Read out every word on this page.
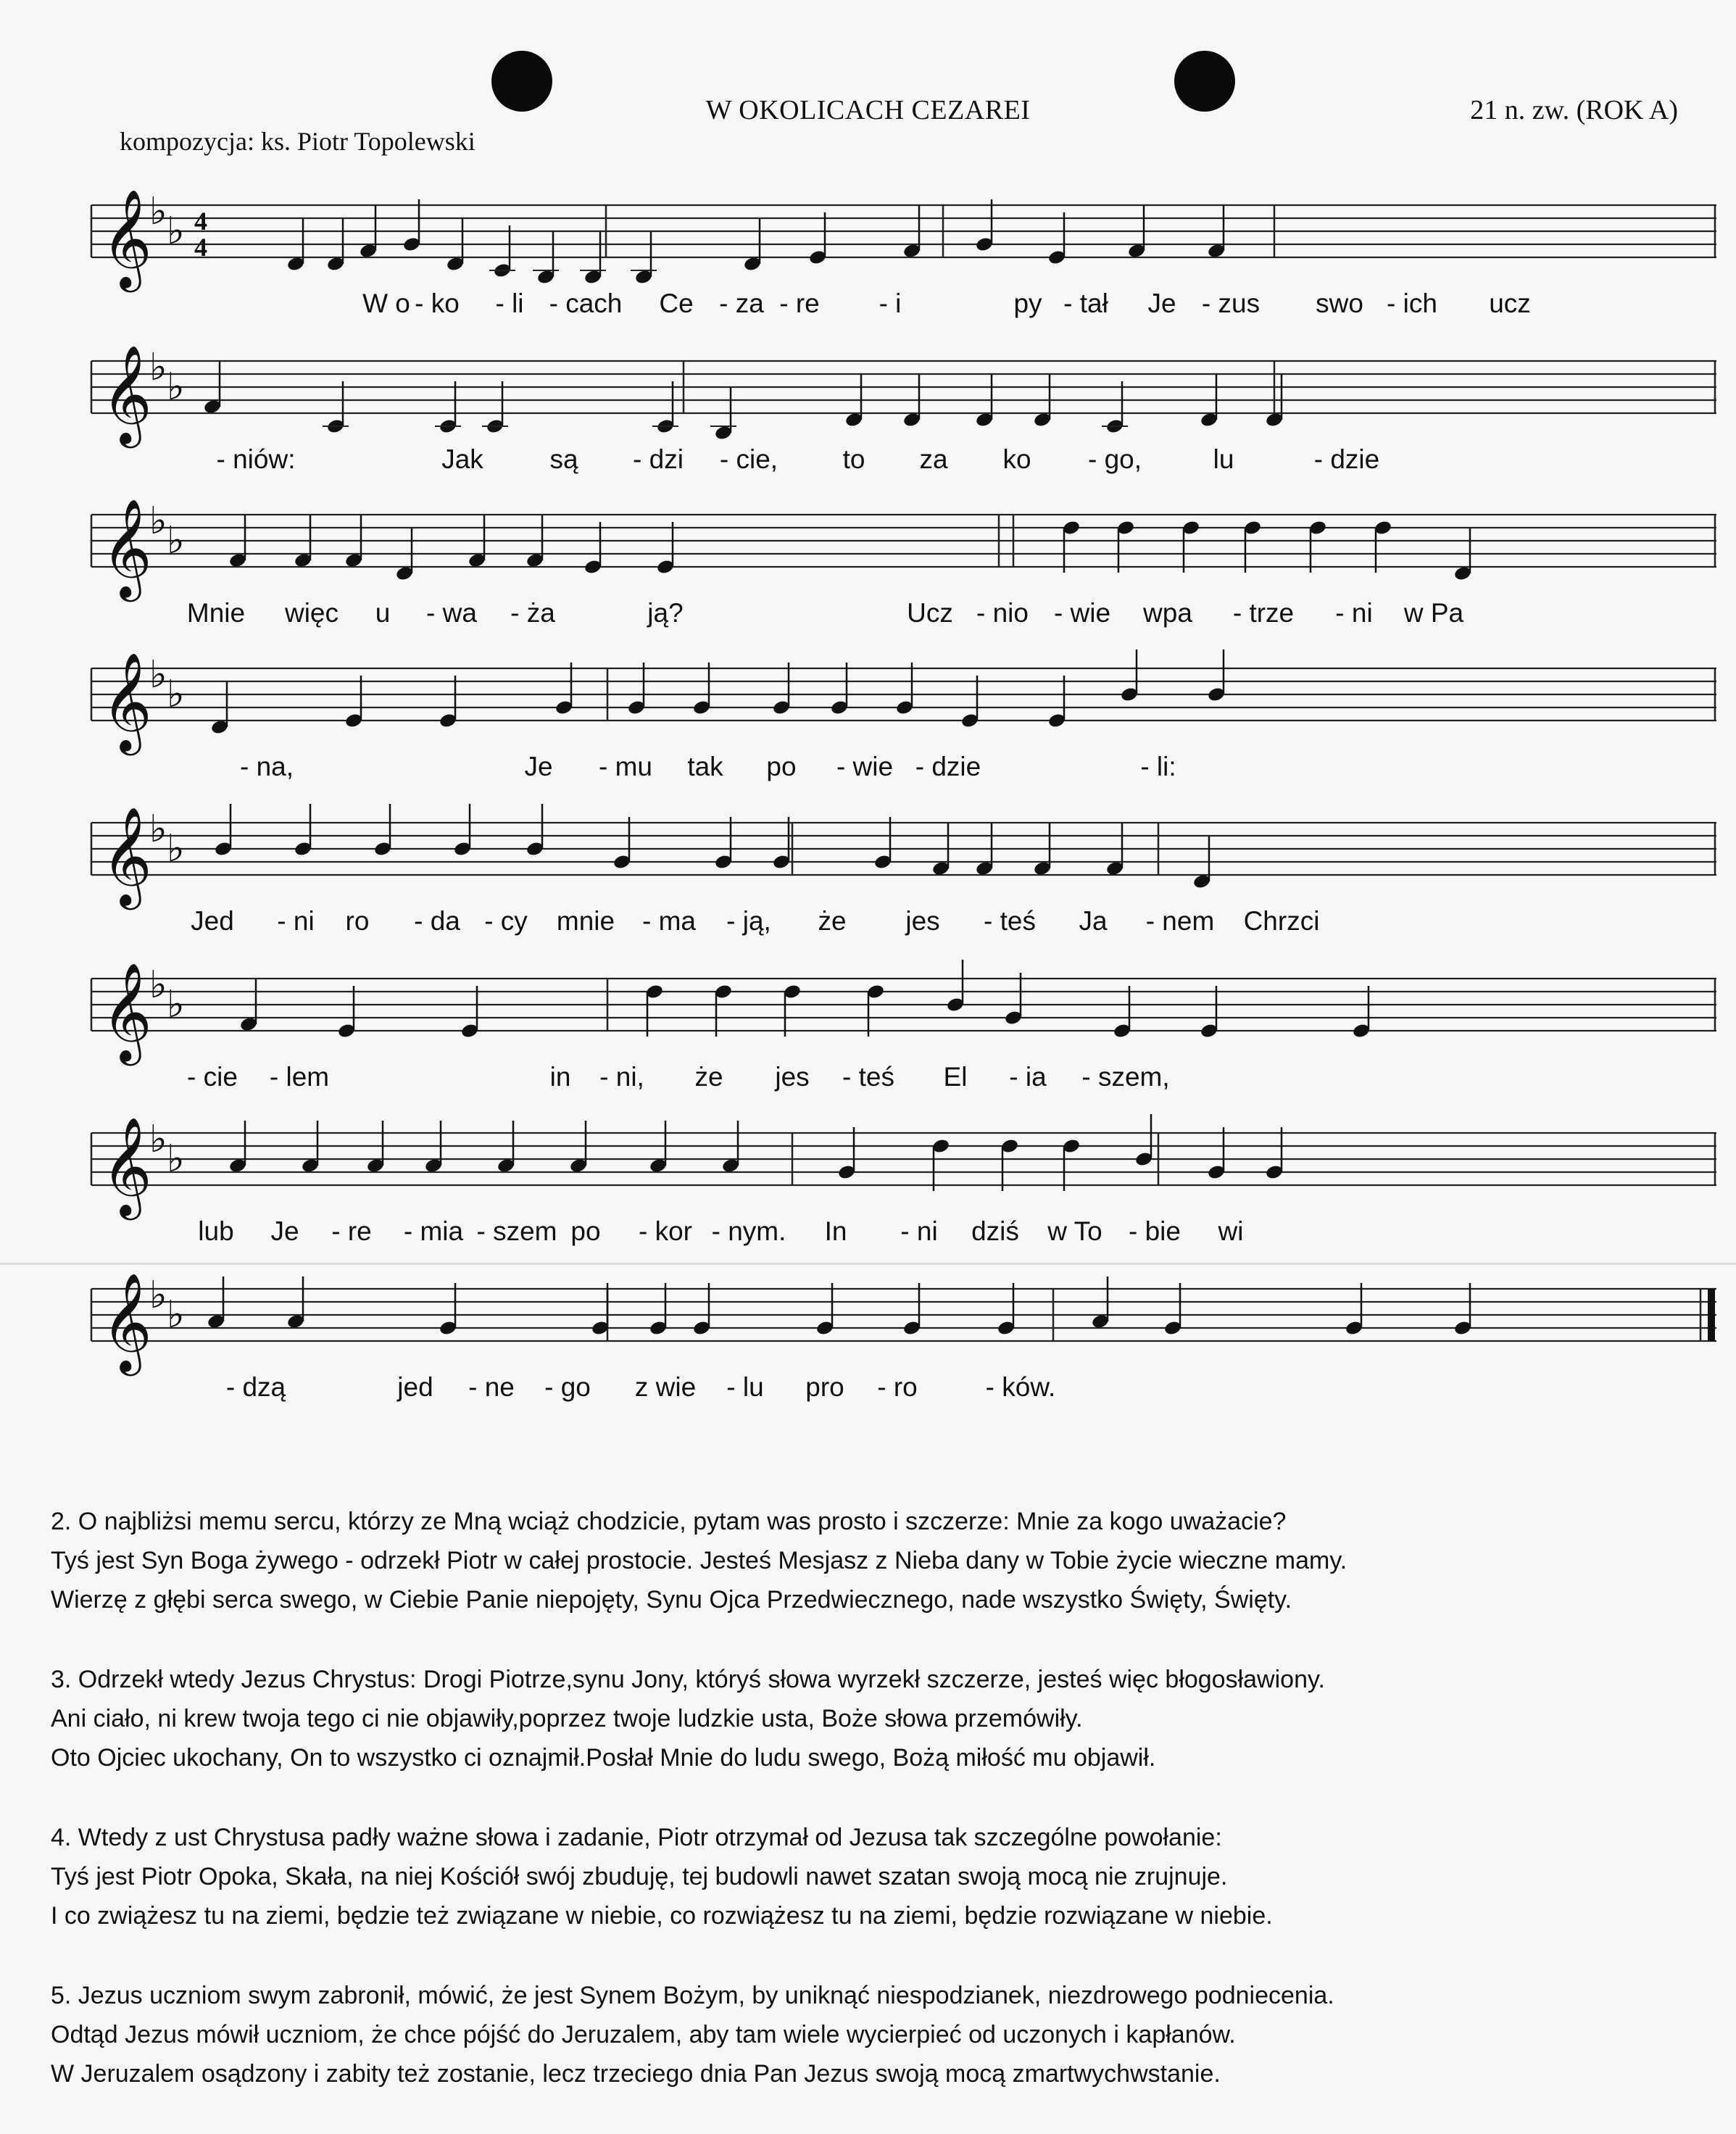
W OKOLICACH CEZAREI
kompozycja: ks. Piotr Topolewski
21 n. zw. (ROK A)
𝄞
♭ ♭ 4
4
W o - ko - li - cach Ce - za - re - i	py - tał Je - zus swo - ich ucz
𝄞
♭ ♭
- niów:	Jak są - dzi - cie, to za ko - go,	lu	- dzie
𝄞
♭ ♭
Mnie więc u - wa - ża	ją?	Ucz - nio - wie wpa - trze - ni w Pa
𝄞
♭ ♭
- na,	Je - mu tak po - wie - dzie	- li:
𝄞
♭ ♭
Jed - ni ro - da - cy mnie - ma - ją, że jes - teś Ja - nem Chrzci
𝄞
♭ ♭
- cie - lem	in - ni, że jes - teś El - ia - szem,
𝄞
♭ ♭
lub Je - re - mia - szem po - kor - nym. In - ni dziś w To - bie wi
𝄞
♭ ♭
- dzą	jed - ne - go z wie - lu pro - ro	- ków.
2. O najbliżsi memu sercu, którzy ze Mną wciąż chodzicie, pytam was prosto i szczerze: Mnie za kogo uważacie?
Tyś jest Syn Boga żywego - odrzekł Piotr w całej prostocie. Jesteś Mesjasz z Nieba dany w Tobie życie wieczne mamy.
Wierzę z głębi serca swego, w Ciebie Panie niepojęty, Synu Ojca Przedwiecznego, nade wszystko Święty, Święty.
3. Odrzekł wtedy Jezus Chrystus: Drogi Piotrze,synu Jony, któryś słowa wyrzekł szczerze, jesteś więc błogosławiony.
Ani ciało, ni krew twoja tego ci nie objawiły,poprzez twoje ludzkie usta, Boże słowa przemówiły.
Oto Ojciec ukochany, On to wszystko ci oznajmił.Posłał Mnie do ludu swego, Bożą miłość mu objawił.
4. Wtedy z ust Chrystusa padły ważne słowa i zadanie, Piotr otrzymał od Jezusa tak szczególne powołanie:
Tyś jest Piotr Opoka, Skała, na niej Kościół swój zbuduję, tej budowli nawet szatan swoją mocą nie zrujnuje.
I co zwiążesz tu na ziemi, będzie też związane w niebie, co rozwiążesz tu na ziemi, będzie rozwiązane w niebie.
5. Jezus uczniom swym zabronił, mówić, że jest Synem Bożym, by uniknąć niespodzianek, niezdrowego podniecenia.
Odtąd Jezus mówił uczniom, że chce pójść do Jeruzalem, aby tam wiele wycierpieć od uczonych i kapłanów.
W Jeruzalem osądzony i zabity też zostanie, lecz trzeciego dnia Pan Jezus swoją mocą zmartwychwstanie.
